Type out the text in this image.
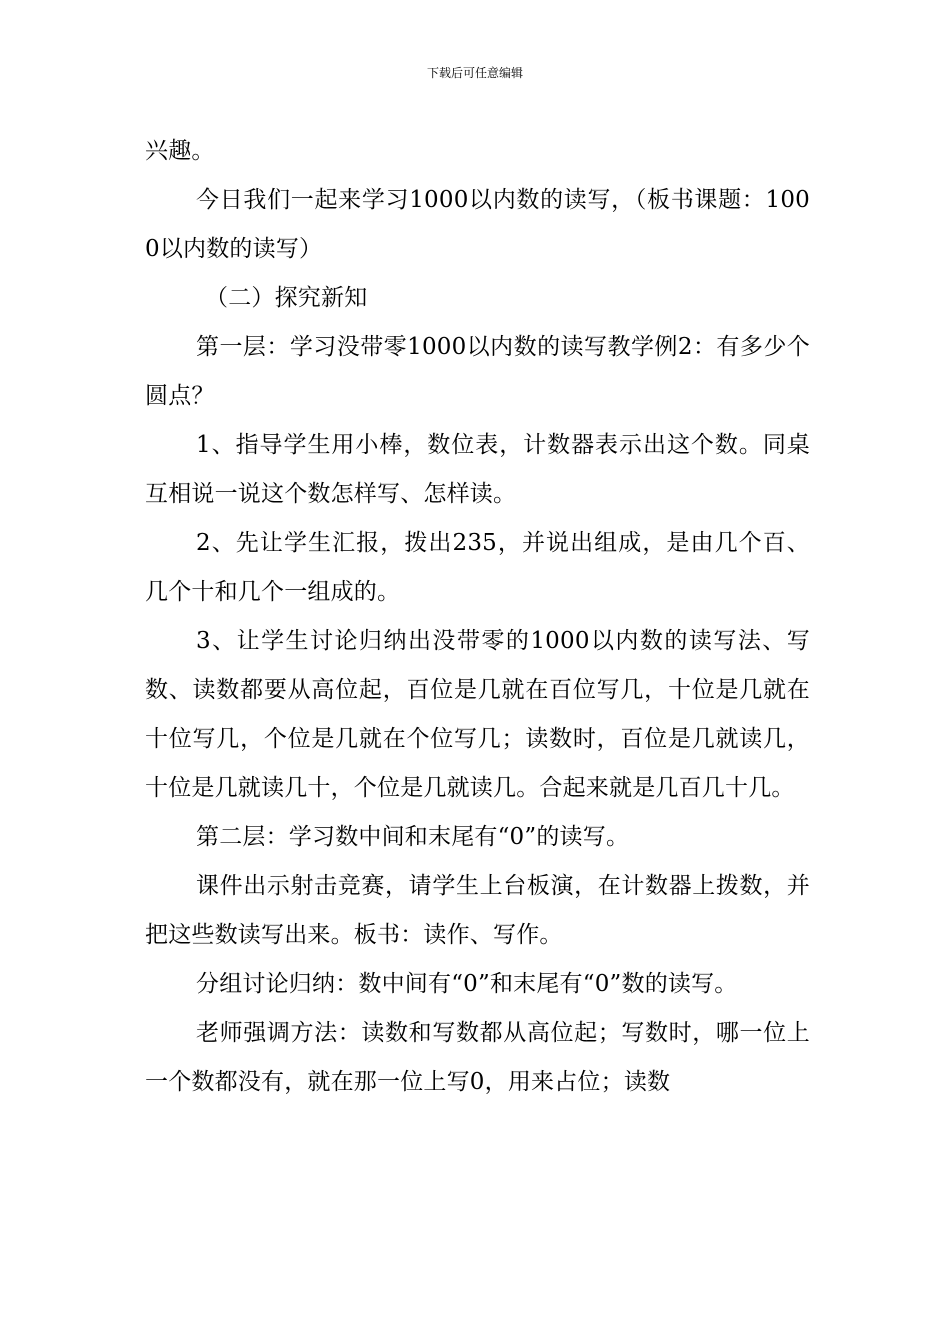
下载后可任意编辑

兴趣。

今日我们一起来学习1000以内数的读写，（板书课题：1000以内数的读写）

（二）探究新知

第一层：学习没带零1000以内数的读写教学例2：有多少个圆点？

1、指导学生用小棒，数位表，计数器表示出这个数。同桌互相说一说这个数怎样写、怎样读。

2、先让学生汇报，拨出235，并说出组成，是由几个百、几个十和几个一组成的。

3、让学生讨论归纳出没带零的1000以内数的读写法、写数、读数都要从高位起，百位是几就在百位写几，十位是几就在十位写几，个位是几就在个位写几；读数时，百位是几就读几，十位是几就读几十，个位是几就读几。合起来就是几百几十几。

第二层：学习数中间和末尾有“0”的读写。

课件出示射击竞赛，请学生上台板演，在计数器上拨数，并把这些数读写出来。板书：读作、写作。

分组讨论归纳：数中间有“0”和末尾有“0”数的读写。

老师强调方法：读数和写数都从高位起；写数时，哪一位上一个数都没有，就在那一位上写0，用来占位；读数
